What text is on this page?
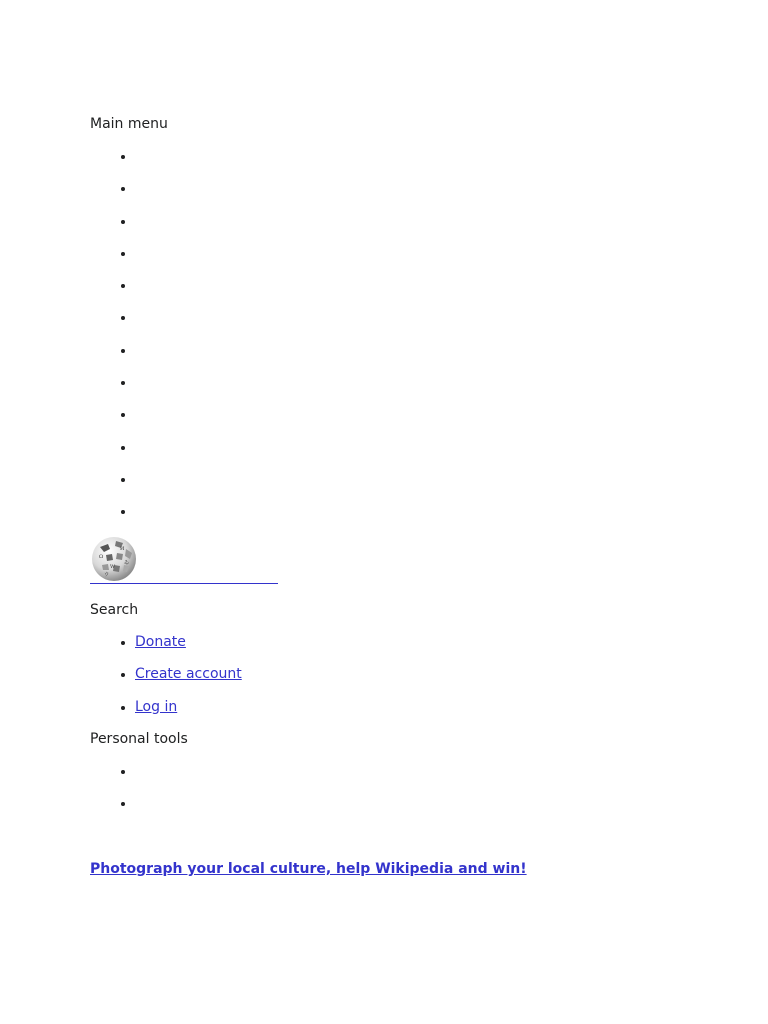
Main menu
Ω
И
W
ゐ
ウ
Search
• Donate
• Create account
• Log in
Personal tools
Photograph your local culture, help Wikipedia and win!
